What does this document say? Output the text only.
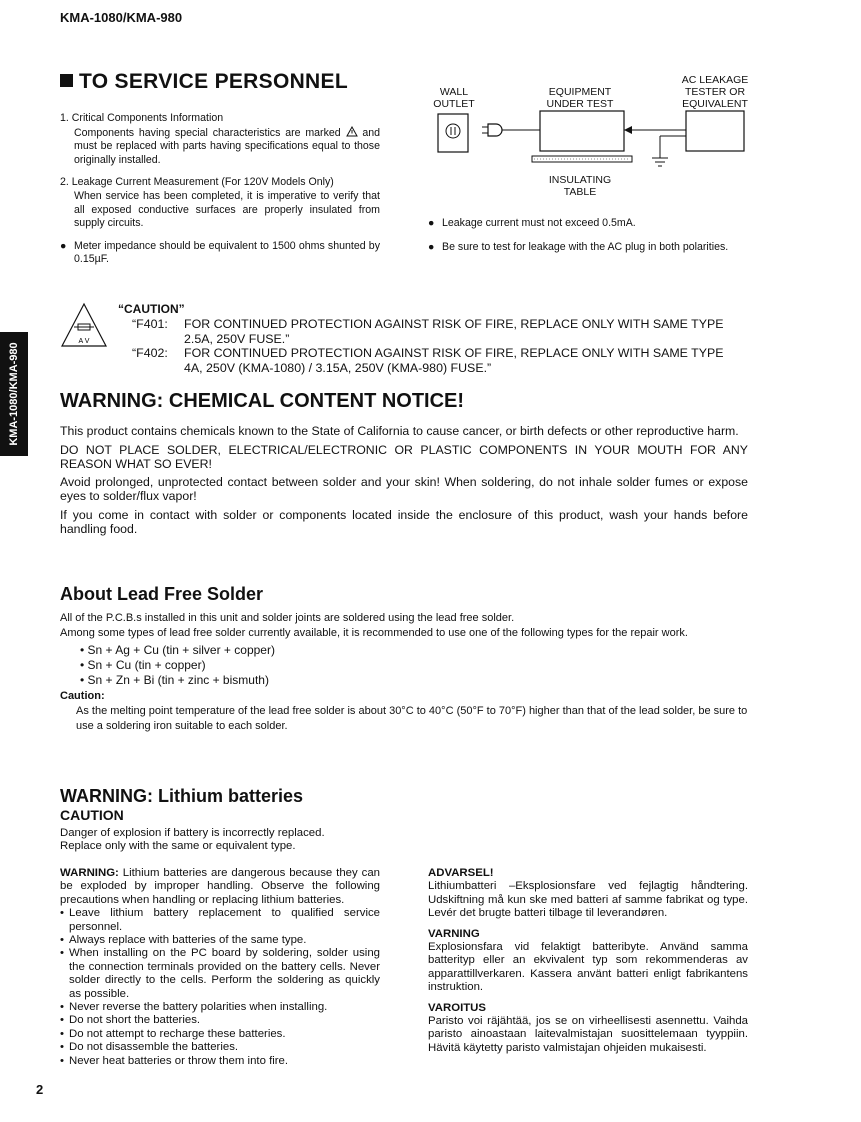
KMA-1080/KMA-980
KMA-1080/KMA-980
2
TO SERVICE PERSONNEL
1. Critical Components Information
Components having special characteristics are marked and must be replaced with parts having specifications equal to those originally installed.
2. Leakage Current Measurement (For 120V Models Only)
When service has been completed, it is imperative to verify that all exposed conductive surfaces are properly insulated from supply circuits.
● Meter impedance should be equivalent to 1500 ohms shunted by 0.15µF.
WALL
OUTLET
EQUIPMENT
UNDER TEST
AC LEAKAGE
TESTER OR
EQUIVALENT
INSULATING
TABLE
● Leakage current must not exceed 0.5mA.
● Be sure to test for leakage with the AC plug in both polarities.
A V
“CAUTION”
“F401:	FOR CONTINUED PROTECTION AGAINST RISK OF FIRE, REPLACE ONLY WITH SAME TYPE
2.5A, 250V FUSE.”
“F402:	FOR CONTINUED PROTECTION AGAINST RISK OF FIRE, REPLACE ONLY WITH SAME TYPE
4A, 250V (KMA-1080) / 3.15A, 250V (KMA-980) FUSE.”
WARNING: CHEMICAL CONTENT NOTICE!
This product contains chemicals known to the State of California to cause cancer, or birth defects or other reproductive harm.
DO NOT PLACE SOLDER, ELECTRICAL/ELECTRONIC OR PLASTIC COMPONENTS IN YOUR MOUTH FOR ANY REASON WHAT SO EVER!
Avoid prolonged, unprotected contact between solder and your skin! When soldering, do not inhale solder fumes or expose eyes to solder/flux vapor!
If you come in contact with solder or components located inside the enclosure of this product, wash your hands before handling food.
About Lead Free Solder
All of the P.C.B.s installed in this unit and solder joints are soldered using the lead free solder.
Among some types of lead free solder currently available, it is recommended to use one of the following types for the repair work.
• Sn + Ag + Cu (tin + silver + copper)
• Sn + Cu (tin + copper)
• Sn + Zn + Bi (tin + zinc + bismuth)
Caution:
As the melting point temperature of the lead free solder is about 30°C to 40°C (50°F to 70°F) higher than that of the lead solder, be sure to use a soldering iron suitable to each solder.
WARNING: Lithium batteries
CAUTION
Danger of explosion if battery is incorrectly replaced.
Replace only with the same or equivalent type.
WARNING: Lithium batteries are dangerous because they can be exploded by improper handling. Observe the following precautions when handling or replacing lithium batteries.
• Leave lithium battery replacement to qualified service personnel.
• Always replace with batteries of the same type.
• When installing on the PC board by soldering, solder using the connection terminals provided on the battery cells. Never solder directly to the cells. Perform the soldering as quickly as possible.
• Never reverse the battery polarities when installing.
• Do not short the batteries.
• Do not attempt to recharge these batteries.
• Do not disassemble the batteries.
• Never heat batteries or throw them into fire.
ADVARSEL!
Lithiumbatteri –Eksplosionsfare ved fejlagtig håndtering. Udskiftning må kun ske med batteri af samme fabrikat og type. Levér det brugte batteri tilbage til leverandøren.
VARNING
Explosionsfara vid felaktigt batteribyte. Använd samma batterityp eller an ekvivalent typ som rekommenderas av apparattillverkaren. Kassera använt batteri enligt fabrikantens instruktion.
VAROITUS
Paristo voi räjähtää, jos se on virheellisesti asennettu. Vaihda paristo ainoastaan laitevalmistajan suosittelemaan tyyppiin. Hävitä käytetty paristo valmistajan ohjeiden mukaisesti.
